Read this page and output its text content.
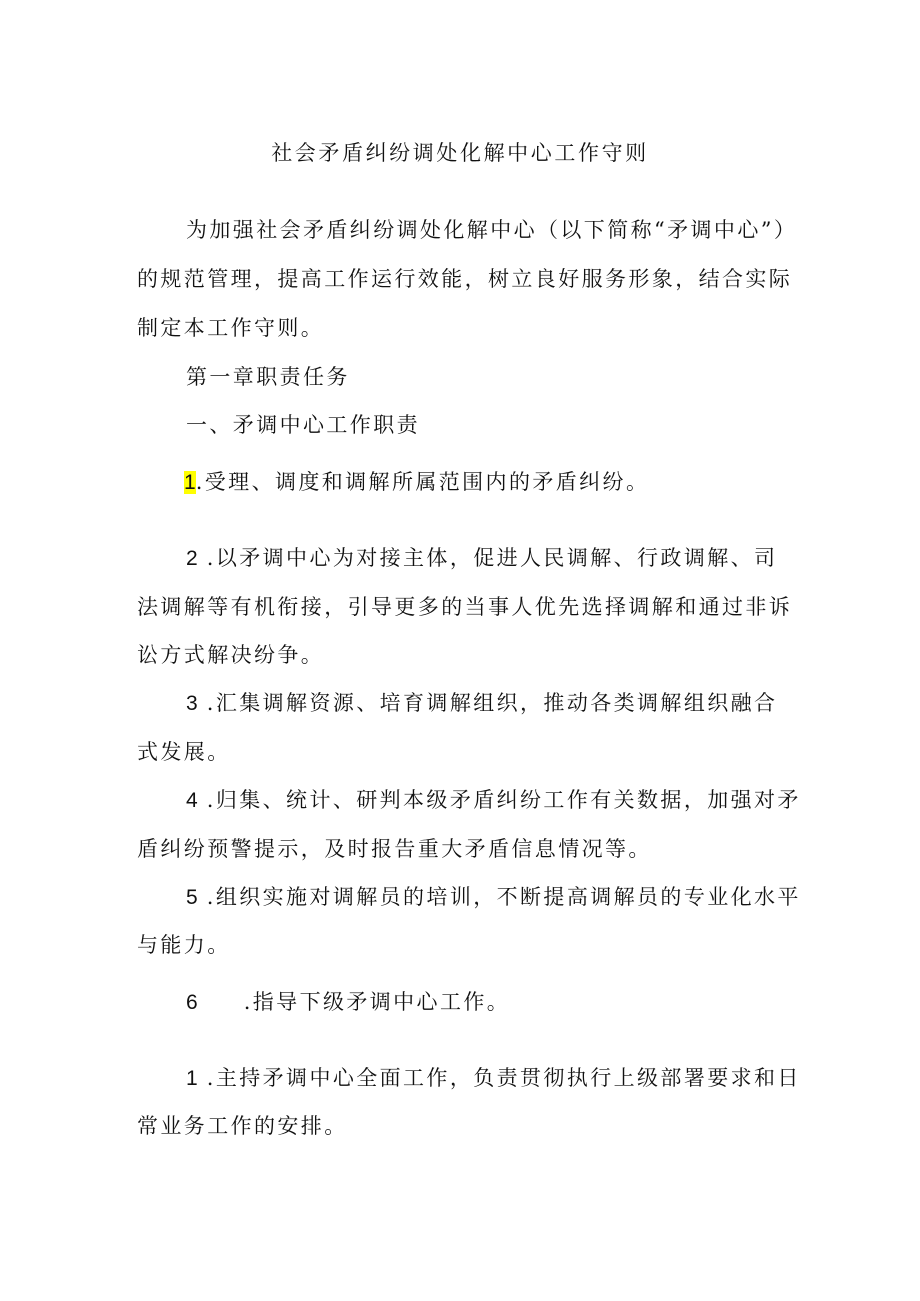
社会矛盾纠纷调处化解中心工作守则
为加强社会矛盾纠纷调处化解中心（以下简称“矛调中心”）
的规范管理，提高工作运行效能，树立良好服务形象，结合实际
制定本工作守则。
第一章职责任务
一、矛调中心工作职责
1.受理、调度和调解所属范围内的矛盾纠纷。
2 .以矛调中心为对接主体，促进人民调解、行政调解、司
法调解等有机衔接，引导更多的当事人优先选择调解和通过非诉
讼方式解决纷争。
3 .汇集调解资源、培育调解组织，推动各类调解组织融合
式发展。
4 .归集、统计、研判本级矛盾纠纷工作有关数据，加强对矛
盾纠纷预警提示，及时报告重大矛盾信息情况等。
5 .组织实施对调解员的培训，不断提高调解员的专业化水平
与能力。
6 .指导下级矛调中心工作。
1 .主持矛调中心全面工作，负责贯彻执行上级部署要求和日
常业务工作的安排。
